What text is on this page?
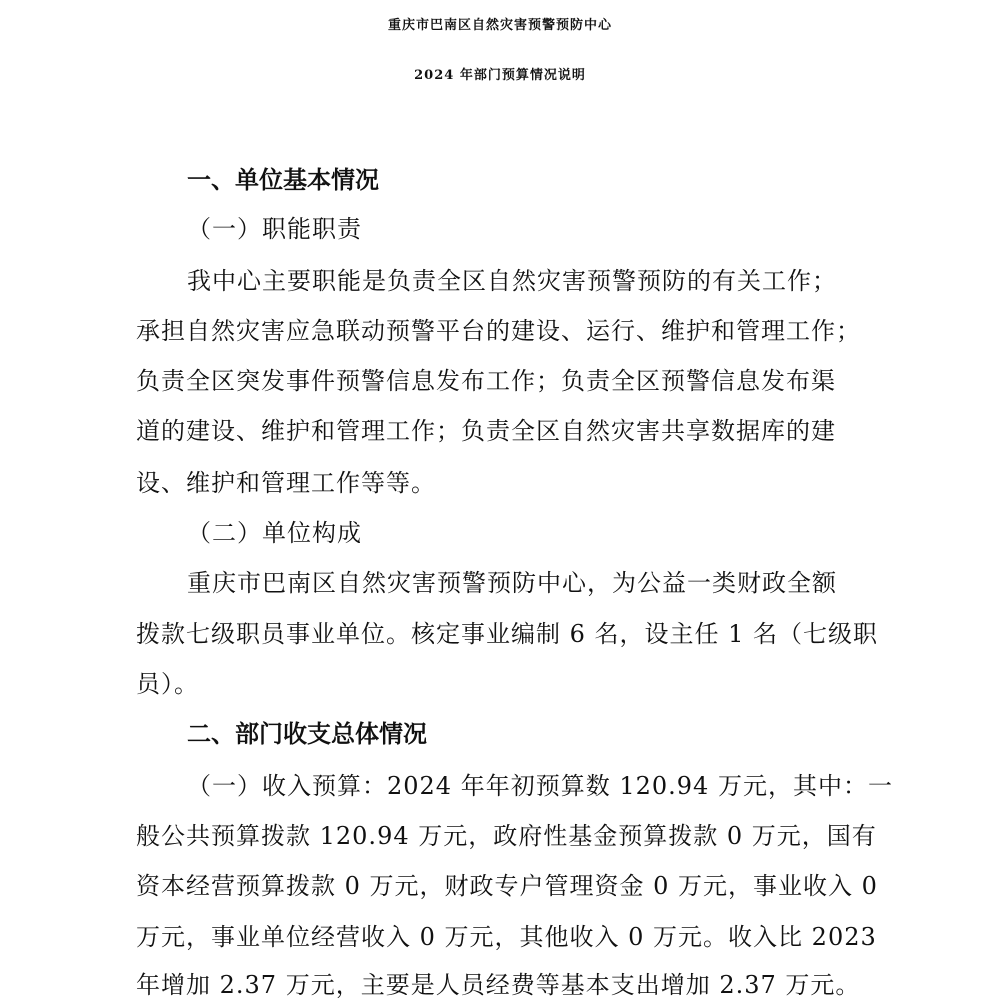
重庆市巴南区自然灾害预警预防中心
2024 年部门预算情况说明
一、单位基本情况
（一）职能职责
我中心主要职能是负责全区自然灾害预警预防的有关工作；
承担自然灾害应急联动预警平台的建设、运行、维护和管理工作；
负责全区突发事件预警信息发布工作；负责全区预警信息发布渠
道的建设、维护和管理工作；负责全区自然灾害共享数据库的建
设、维护和管理工作等等。
（二）单位构成
重庆市巴南区自然灾害预警预防中心，为公益一类财政全额
拨款七级职员事业单位。核定事业编制 6 名，设主任 1 名（七级职
员）。
二、部门收支总体情况
（一）收入预算：2024 年年初预算数 120.94 万元，其中：一
般公共预算拨款 120.94 万元，政府性基金预算拨款 0 万元，国有
资本经营预算拨款 0 万元，财政专户管理资金 0 万元，事业收入 0
万元，事业单位经营收入 0 万元，其他收入 0 万元。收入比 2023
年增加 2.37 万元，主要是人员经费等基本支出增加 2.37 万元。
